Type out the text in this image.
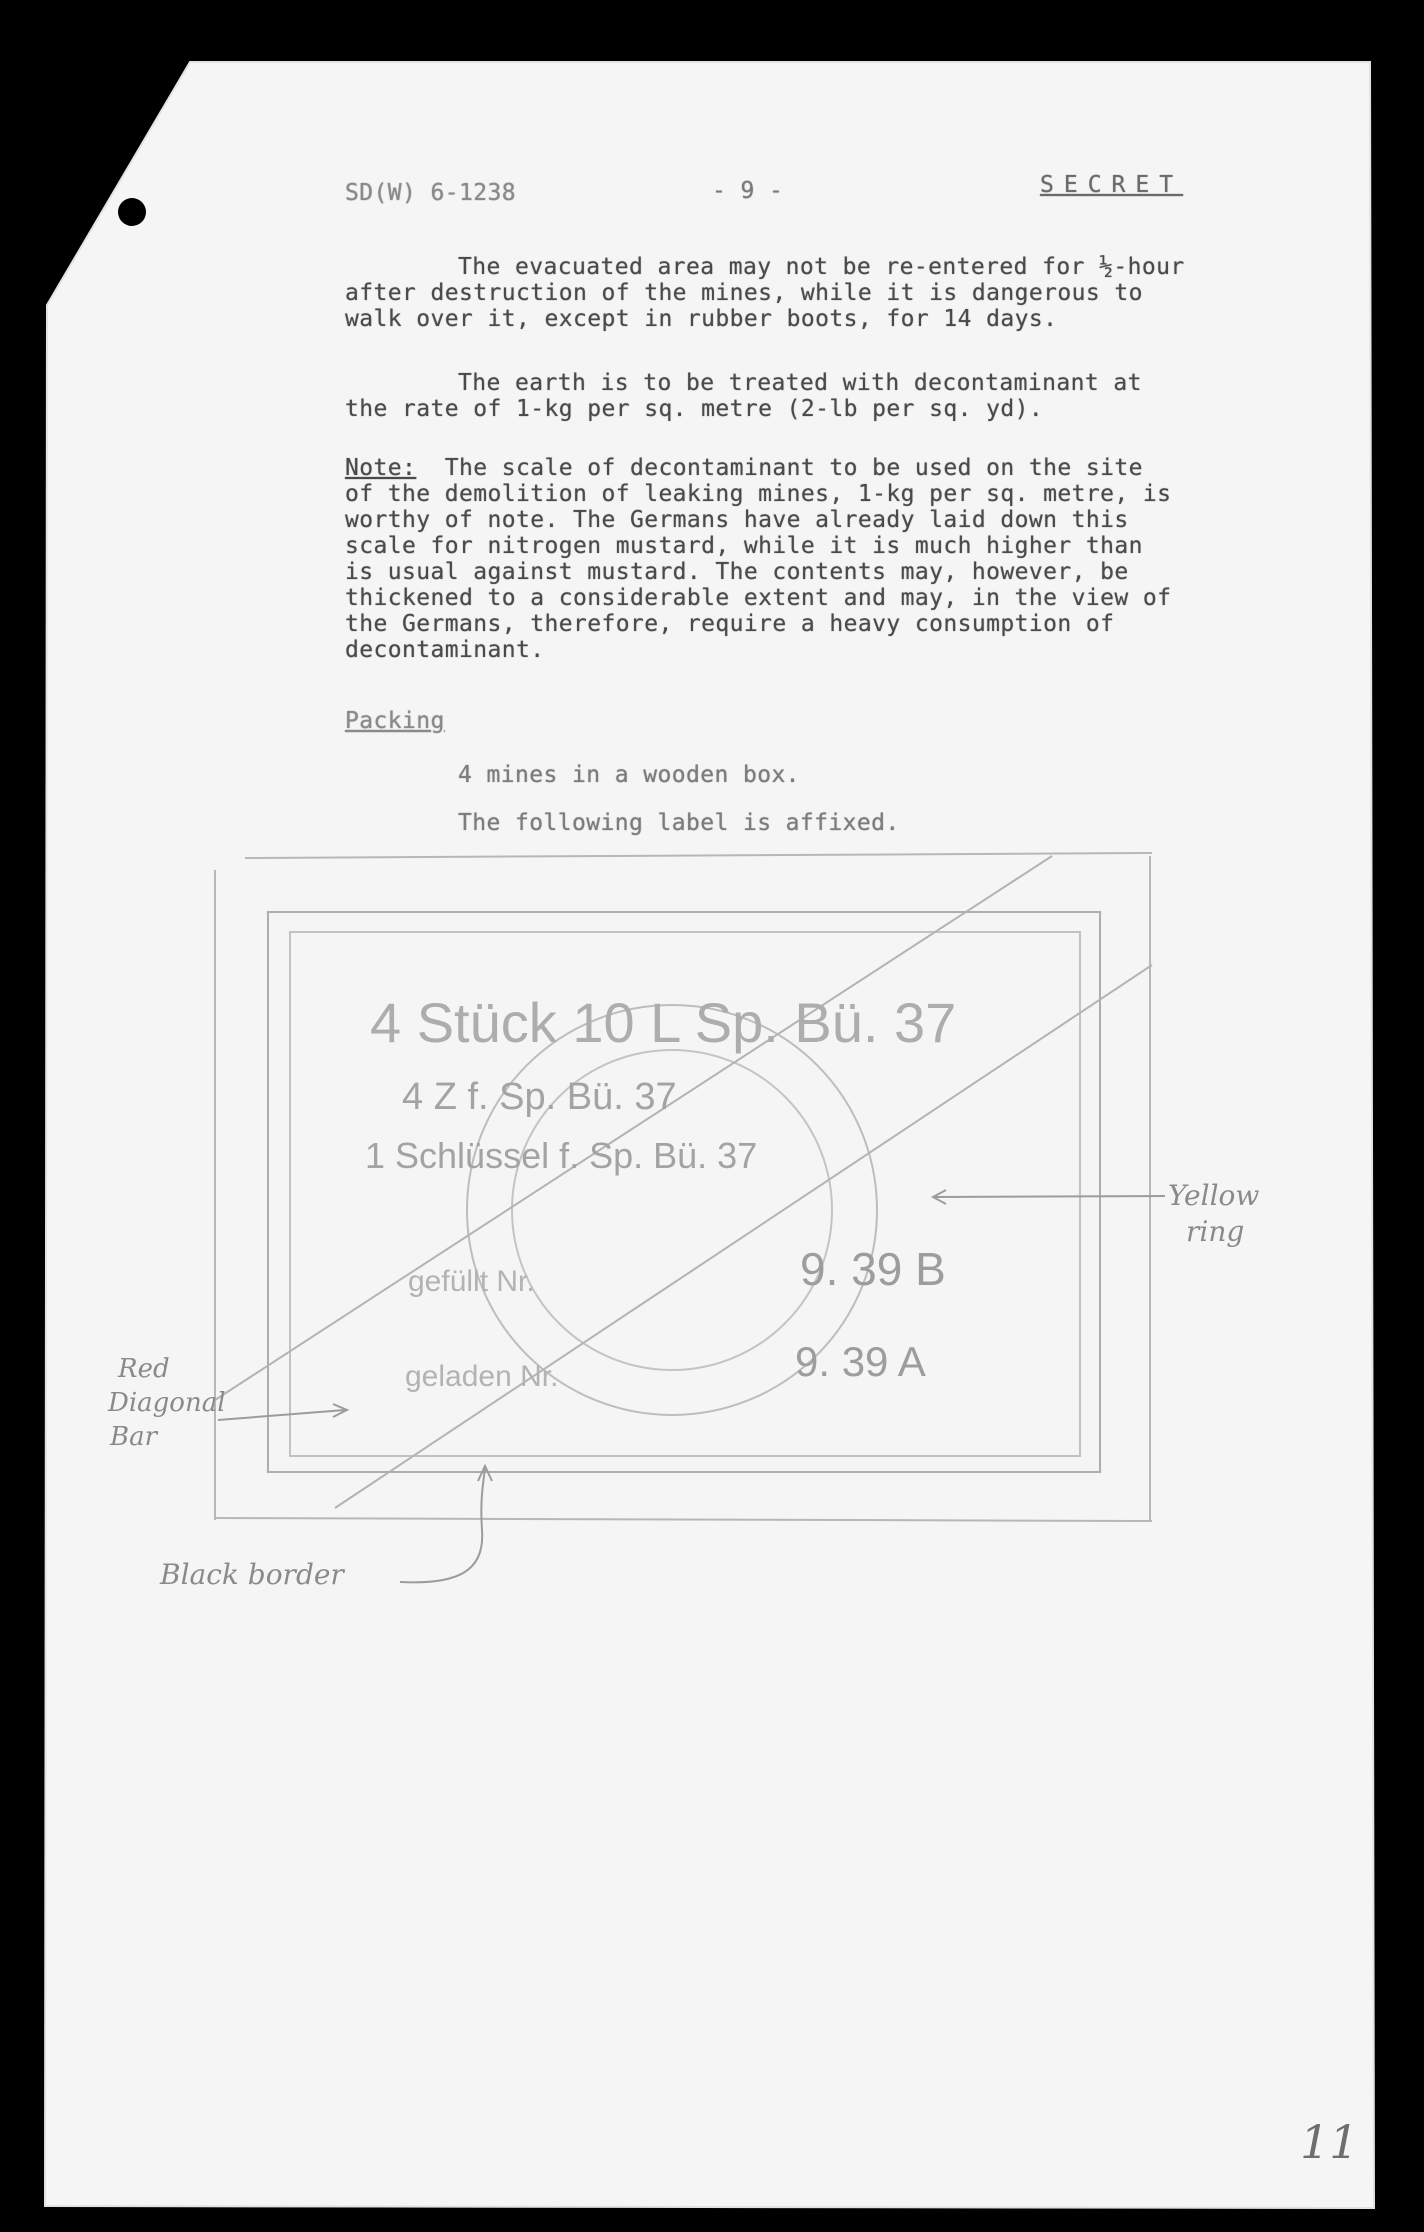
SD(W) 6-1238	- 9 -	SECRET
The evacuated area may not be re-entered for ½-hour
after destruction of the mines, while it is dangerous to
walk over it, except in rubber boots, for 14 days.
The earth is to be treated with decontaminant at
the rate of 1-kg per sq. metre (2-lb per sq. yd).
Note: The scale of decontaminant to be used on the site
of the demolition of leaking mines, 1-kg per sq. metre, is
worthy of note. The Germans have already laid down this
scale for nitrogen mustard, while it is much higher than
is usual against mustard. The contents may, however, be
thickened to a considerable extent and may, in the view of
the Germans, therefore, require a heavy consumption of
decontaminant.
Packing
4 mines in a wooden box.
The following label is affixed.
4 Stück 10 L Sp. Bü. 37
4 Z f. Sp. Bü. 37
1 Schlüssel f. Sp. Bü. 37
gefüllt Nr.	9. 39 B
geladen Nr.	9. 39 A
Red
Diagonal
Bar
Yellow
ring
Black border
11
